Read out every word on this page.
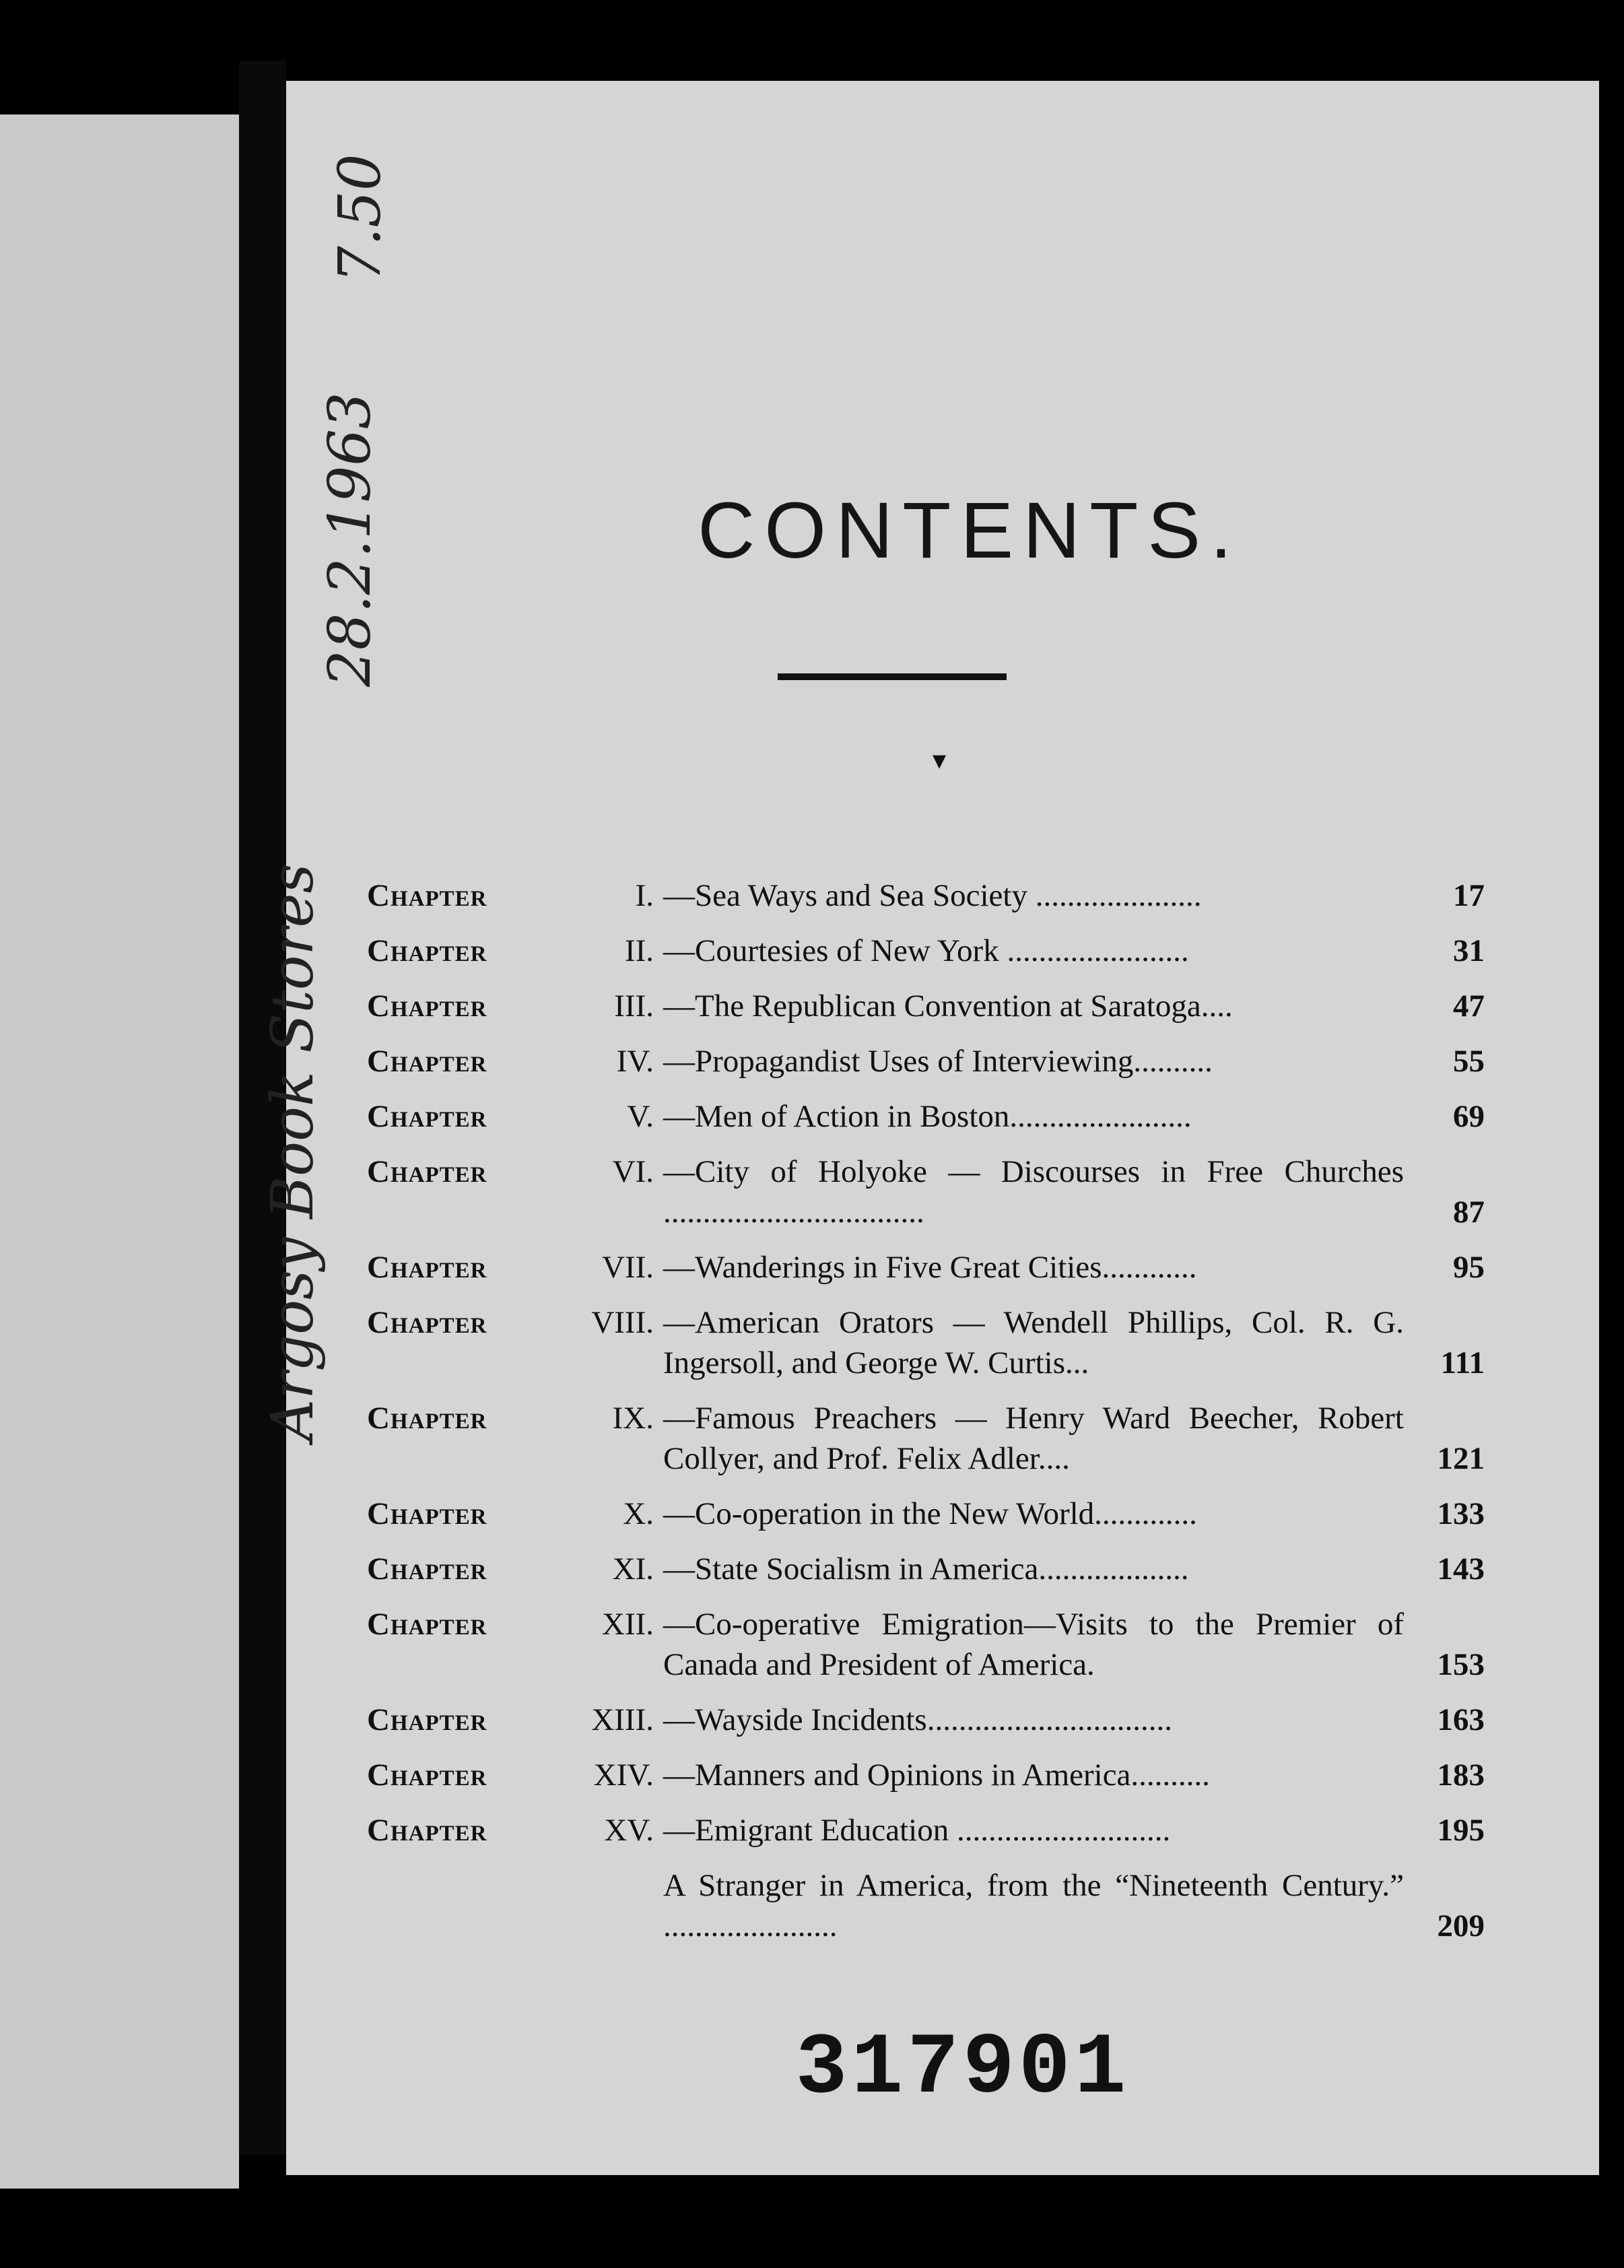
7.50
28.2.1963
Argosy Book Stores
CONTENTS.
▾
Chapter	I. —Sea Ways and Sea Society .....................	17
Chapter	II. —Courtesies of New York .......................	31
Chapter	III. —The Republican Convention at Saratoga....	47
Chapter	IV. —Propagandist Uses of Interviewing..........	55
Chapter	V. —Men of Action in Boston.......................	69
Chapter	VI. —City of Holyoke — Discourses in Free Churches .................................	87
Chapter	VII. —Wanderings in Five Great Cities............	95
Chapter	VIII. —American Orators — Wendell Phillips, Col. R. G. Ingersoll, and George W. Curtis...	111
Chapter	IX. —Famous Preachers — Henry Ward Beecher, Robert Collyer, and Prof. Felix Adler....	121
Chapter	X. —Co-operation in the New World.............	133
Chapter	XI. —State Socialism in America...................	143
Chapter	XII. —Co-operative Emigration—Visits to the Premier of Canada and President of America.	153
Chapter	XIII. —Wayside Incidents...............................	163
Chapter	XIV. —Manners and Opinions in America..........	183
Chapter	XV. —Emigrant Education ...........................	195
A Stranger in America, from the “Nineteenth Century.” ......................	209
317901
